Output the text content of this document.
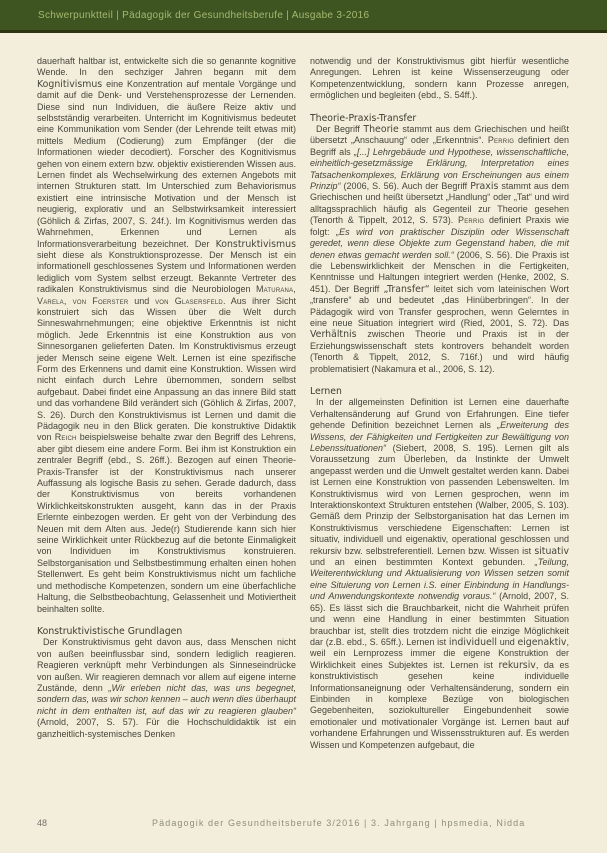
Schwerpunktteil | Pädagogik der Gesundheitsberufe | Ausgabe 3-2016

dauerhaft haltbar ist, entwickelte sich die so genannte kognitive Wende. In den sechziger Jahren begann mit dem Kognitivismus eine Konzentration auf mentale Vorgänge und damit auf die Denk- und Verstehensprozesse der Lernenden. Diese sind nun Individuen, die äußere Reize aktiv und selbstständig verarbeiten. Unterricht im Kognitivismus bedeutet eine Kommunikation vom Sender (der Lehrende teilt etwas mit) mittels Medium (Codierung) zum Empfänger (der die Informationen wieder decodiert). Forscher des Kognitivismus gehen von einem extern bzw. objektiv existierenden Wissen aus. Lernen findet als Wechselwirkung des externen Angebots mit internen Strukturen statt. Im Unterschied zum Behaviorismus existiert eine intrinsische Motivation und der Mensch ist neugierig, explorativ und an Selbstwirksamkeit interessiert (Göhlich & Zirfas, 2007, S. 24f.). Im Kognitivismus werden das Wahrnehmen, Erkennen und Lernen als Informationsverarbeitung bezeichnet. Der Konstruktivismus sieht diese als Konstruktionsprozesse. Der Mensch ist ein informationell geschlossenes System und Informationen werden lediglich vom System selbst erzeugt. Bekannte Vertreter des radikalen Konstruktivismus sind die Neurobiologen Maturana, Varela, von Foerster und von Glasersfeld. Aus ihrer Sicht konstruiert sich das Wissen über die Welt durch Sinneswahrnehmungen; eine objektive Erkenntnis ist nicht möglich. Jede Erkenntnis ist eine Konstruktion aus von Sinnesorganen gelieferten Daten. Im Konstruktivismus erzeugt jeder Mensch seine eigene Welt. Lernen ist eine spezifische Form des Erkennens und damit eine Konstruktion. Wissen wird nicht einfach durch Lehre übernommen, sondern selbst aufgebaut. Dabei findet eine Anpassung an das innere Bild statt und das vorhandene Bild verändert sich (Göhlich & Zirfas, 2007, S. 26). Durch den Konstruktivismus ist Lernen und damit die Pädagogik neu in den Blick geraten. Die konstruktive Didaktik von Reich beispielsweise behalte zwar den Begriff des Lehrens, aber gibt diesem eine andere Form. Bei ihm ist Konstruktion ein zentraler Begriff (ebd., S. 26ff.). Bezogen auf einen Theorie-Praxis-Transfer ist der Konstruktivismus nach unserer Auffassung als logische Basis zu sehen. Gerade dadurch, dass der Konstruktivismus von bereits vorhandenen Wirklichkeitskonstrukten ausgeht, kann das in der Praxis Erlernte einbezogen werden. Er geht von der Verbindung des Neuen mit dem Alten aus. Jede(r) Studierende kann sich hier seine Wirklichkeit unter Rückbezug auf die betonte Einmaligkeit von Individuen im Konstruktivismus konstruieren. Selbstorganisation und Selbstbestimmung erhalten einen hohen Stellenwert. Es geht beim Konstruktivismus nicht um fachliche und methodische Kompetenzen, sondern um eine überfachliche Haltung, die Selbstbeobachtung, Gelassenheit und Motiviertheit beinhalten sollte.

Konstruktivistische Grundlagen

Der Konstruktivismus geht davon aus, dass Menschen nicht von außen beeinflussbar sind, sondern lediglich reagieren. Reagieren verknüpft mehr Verbindungen als Sinneseindrücke von außen. Wir reagieren demnach vor allem auf eigene interne Zustände, denn „Wir erleben nicht das, was uns begegnet, sondern das, was wir schon kennen – auch wenn dies überhaupt nicht in dem enthalten ist, auf das wir zu reagieren glauben“ (Arnold, 2007, S. 57). Für die Hochschuldidaktik ist ein ganzheitlich-systemisches Denken

notwendig und der Konstruktivismus gibt hierfür wesentliche Anregungen. Lehren ist keine Wissenserzeugung oder Kompetenzentwicklung, sondern kann Prozesse anregen, ermöglichen und begleiten (ebd., S. 54ff.).

Theorie-Praxis-Transfer

Der Begriff Theorie stammt aus dem Griechischen und heißt übersetzt „Anschauung“ oder „Erkenntnis“. Perrig definiert den Begriff als „[...] Lehrgebäude und Hypothese, wissenschaftliche, einheitlich-gesetzmässige Erklärung, Interpretation eines Tatsachenkomplexes, Erklärung von Erscheinungen aus einem Prinzip“ (2006, S. 56). Auch der Begriff Praxis stammt aus dem Griechischen und heißt übersetzt „Handlung“ oder „Tat“ und wird alltagssprachlich häufig als Gegenteil zur Theorie gesehen (Tenorth & Tippelt, 2012, S. 573). Perrig definiert Praxis wie folgt: „Es wird von praktischer Disziplin oder Wissenschaft geredet, wenn diese Objekte zum Gegenstand haben, die mit denen etwas gemacht werden soll.“ (2006, S. 56). Die Praxis ist die Lebenswirklichkeit der Menschen in die Fertigkeiten, Kenntnisse und Haltungen integriert werden (Henke, 2002, S. 451). Der Begriff „Transfer“ leitet sich vom lateinischen Wort „transfere“ ab und bedeutet „das Hinüberbringen“. In der Pädagogik wird von Transfer gesprochen, wenn Gelerntes in eine neue Situation integriert wird (Ried, 2001, S. 72). Das Verhältnis zwischen Theorie und Praxis ist in der Erziehungswissenschaft stets kontrovers behandelt worden (Tenorth & Tippelt, 2012, S. 716f.) und wird häufig problematisiert (Nakamura et al., 2006, S. 12).

Lernen

In der allgemeinsten Definition ist Lernen eine dauerhafte Verhaltensänderung auf Grund von Erfahrungen. Eine tiefer gehende Definition bezeichnet Lernen als „Erweiterung des Wissens, der Fähigkeiten und Fertigkeiten zur Bewältigung von Lebenssituationen“ (Siebert, 2008, S. 195). Lernen gilt als Voraussetzung zum Überleben, da Instinkte der Umwelt angepasst werden und die Umwelt gestaltet werden kann. Dabei ist Lernen eine Konstruktion von passenden Lebenswelten. Im Konstruktivismus wird von Lernen gesprochen, wenn im Interaktionskontext Strukturen entstehen (Walber, 2005, S. 103). Gemäß dem Prinzip der Selbstorganisation hat das Lernen im Konstruktivismus verschiedene Eigenschaften: Lernen ist situativ, individuell und eigenaktiv, operational geschlossen und rekursiv bzw. selbstreferentiell. Lernen bzw. Wissen ist situativ und an einen bestimmten Kontext gebunden. „Teilung, Weiterentwicklung und Aktualisierung von Wissen setzen somit eine Situierung von Lernen i.S. einer Einbindung in Handlungs- und Anwendungskontexte notwendig voraus.“ (Arnold, 2007, S. 65). Es lässt sich die Brauchbarkeit, nicht die Wahrheit prüfen und wenn eine Handlung in einer bestimmten Situation brauchbar ist, stellt dies trotzdem nicht die einzige Möglichkeit dar (z.B. ebd., S. 65ff.). Lernen ist individuell und eigenaktiv, weil ein Lernprozess immer die eigene Konstruktion der Wirklichkeit eines Subjektes ist. Lernen ist rekursiv, da es konstruktivistisch gesehen keine individuelle Informationsaneignung oder Verhaltensänderung, sondern ein Einbinden in komplexe Bezüge von biologischen Gegebenheiten, soziokultureller Eingebundenheit sowie emotionaler und motivationaler Vorgänge ist. Lernen baut auf vorhandene Erfahrungen und Wissensstrukturen auf. Es werden Wissen und Kompetenzen aufgebaut, die

48	Pädagogik der Gesundheitsberufe 3/2016 | 3. Jahrgang | hpsmedia, Nidda
